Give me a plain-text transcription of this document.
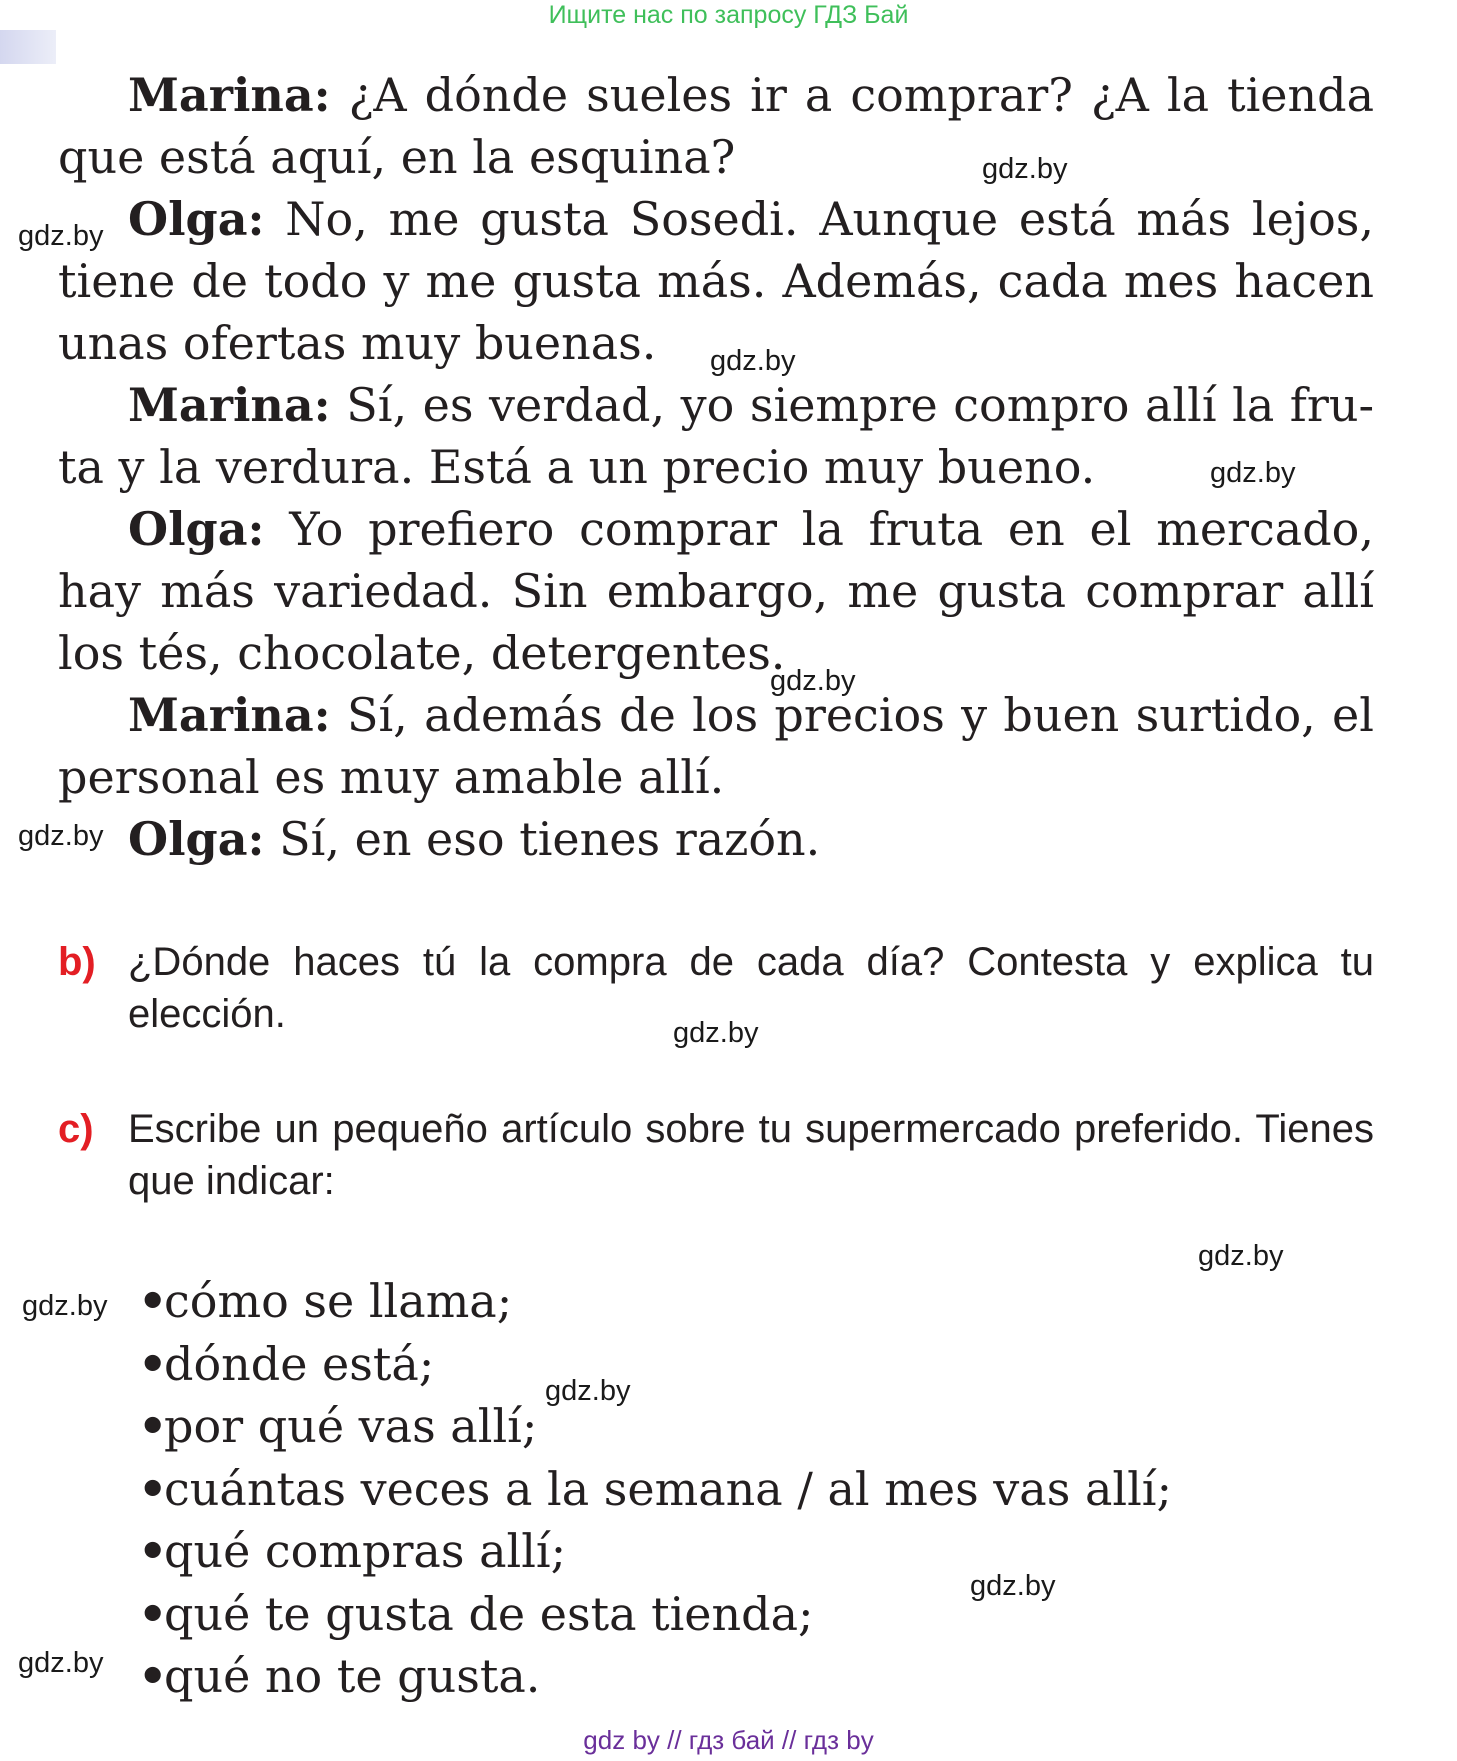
Ищите нас по запросу ГДЗ Бай

Marina: ¿A dónde sueles ir a comprar? ¿A la tienda que está aquí, en la esquina?

Olga: No, me gusta Sosedi. Aunque está más lejos, tiene de todo y me gusta más. Además, cada mes hacen unas ofertas muy buenas.

Marina: Sí, es verdad, yo siempre compro allí la fruta y la verdura. Está a un precio muy bueno.

Olga: Yo prefiero comprar la fruta en el mercado, hay más variedad. Sin embargo, me gusta comprar allí los tés, chocolate, detergentes.

Marina: Sí, además de los precios y buen surtido, el personal es muy amable allí.

Olga: Sí, en eso tienes razón.

b) ¿Dónde haces tú la compra de cada día? Contesta y explica tu elección.
c) Escribe un pequeño artículo sobre tu supermercado preferido. Tienes que indicar:
•cómo se llama;
•dónde está;
•por qué vas allí;
•cuántas veces a la semana / al mes vas allí;
•qué compras allí;
•qué te gusta de esta tienda;
•qué no te gusta.
gdz.by
gdz.by
gdz.by
gdz.by
gdz.by
gdz.by
gdz.by
gdz.by
gdz.by
gdz.by
gdz.by
gdz.by
gdz by // гдз бай // гдз by
